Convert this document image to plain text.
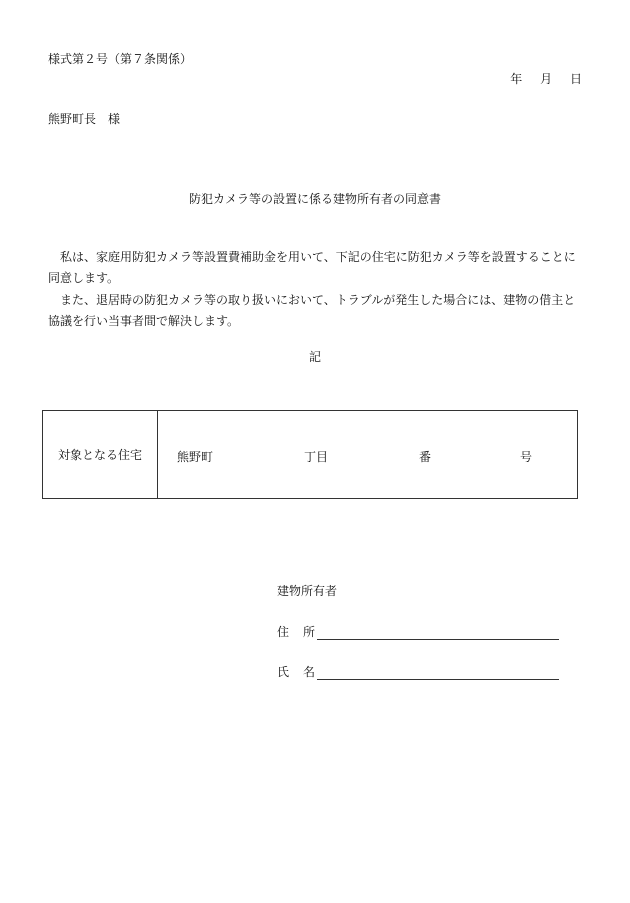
様式第２号（第７条関係）
年 月 日
熊野町長　様
防犯カメラ等の設置に係る建物所有者の同意書
私は、家庭用防犯カメラ等設置費補助金を用いて、下記の住宅に防犯カメラ等を設置することに同意します。
また、退居時の防犯カメラ等の取り扱いにおいて、トラブルが発生した場合には、建物の借主と協議を行い当事者間で解決します。
記
対象となる住宅	熊野町	丁目	番	号
建物所有者
住 所
氏 名
